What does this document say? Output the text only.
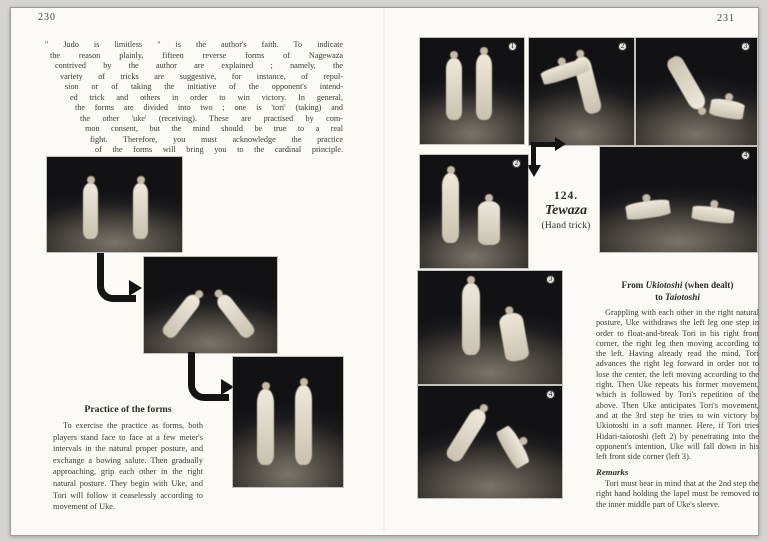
230
" Judo is limitless " is the author's faith. To indicate
the reason plainly, fifteen reverse forms of Nagewaza
contrived by the author are explained ; namely, the
variety of tricks are suggestive, for instance, of repul-
sion or of taking the initiative of the opponent's intend-
ed trick and others in order to win victory. In general,
the forms are divided into two ; one is 'tori' (taking) and
the other 'uke' (receiving). These are practised by com-
mon consent, but the mind should be true to a real
fight. Therefore, you must acknowledge the practice
of the forms will bring you to the cardinal principle.
Practice of the forms
To exercise the practice as forms, both players stand face to face at a few meter's intervals in the natural proper posture, and exchange a bowing salute. Then gradually approaching, grip each other in the right natural posture. They begin with Uke, and Tori will follow it ceaselessly according to movement of Uke.
231
1	2	3
4
2
124.
Tewaza
(Hand trick)
3
4
From Ukiotoshi (when dealt)
to Taiotoshi
Grappling with each other in the right natural posture, Uke withdraws the left leg one step in order to float-and-break Tori in his right front corner, the right leg then moving according to the left. Having already read the mind, Tori advances the right leg forward in order not to lose the center, the left moving according to the right. Then Uke repeats his former movement, which is followed by Tori's repetition of the above. Then Uke anticipates Tori's movement, and at the 3rd step he tries to win victory by Ukiotoshi in a soft manner. Here, if Tori tries Hidari-taiotoshi (left 2) by penetrating into the opponent's intention, Uke will fall down in his left front side corner (left 3).
Remarks
Tori must bear in mind that at the 2nd step the right hand holding the lapel must be removed to the inner middle part of Uke's sleeve.
